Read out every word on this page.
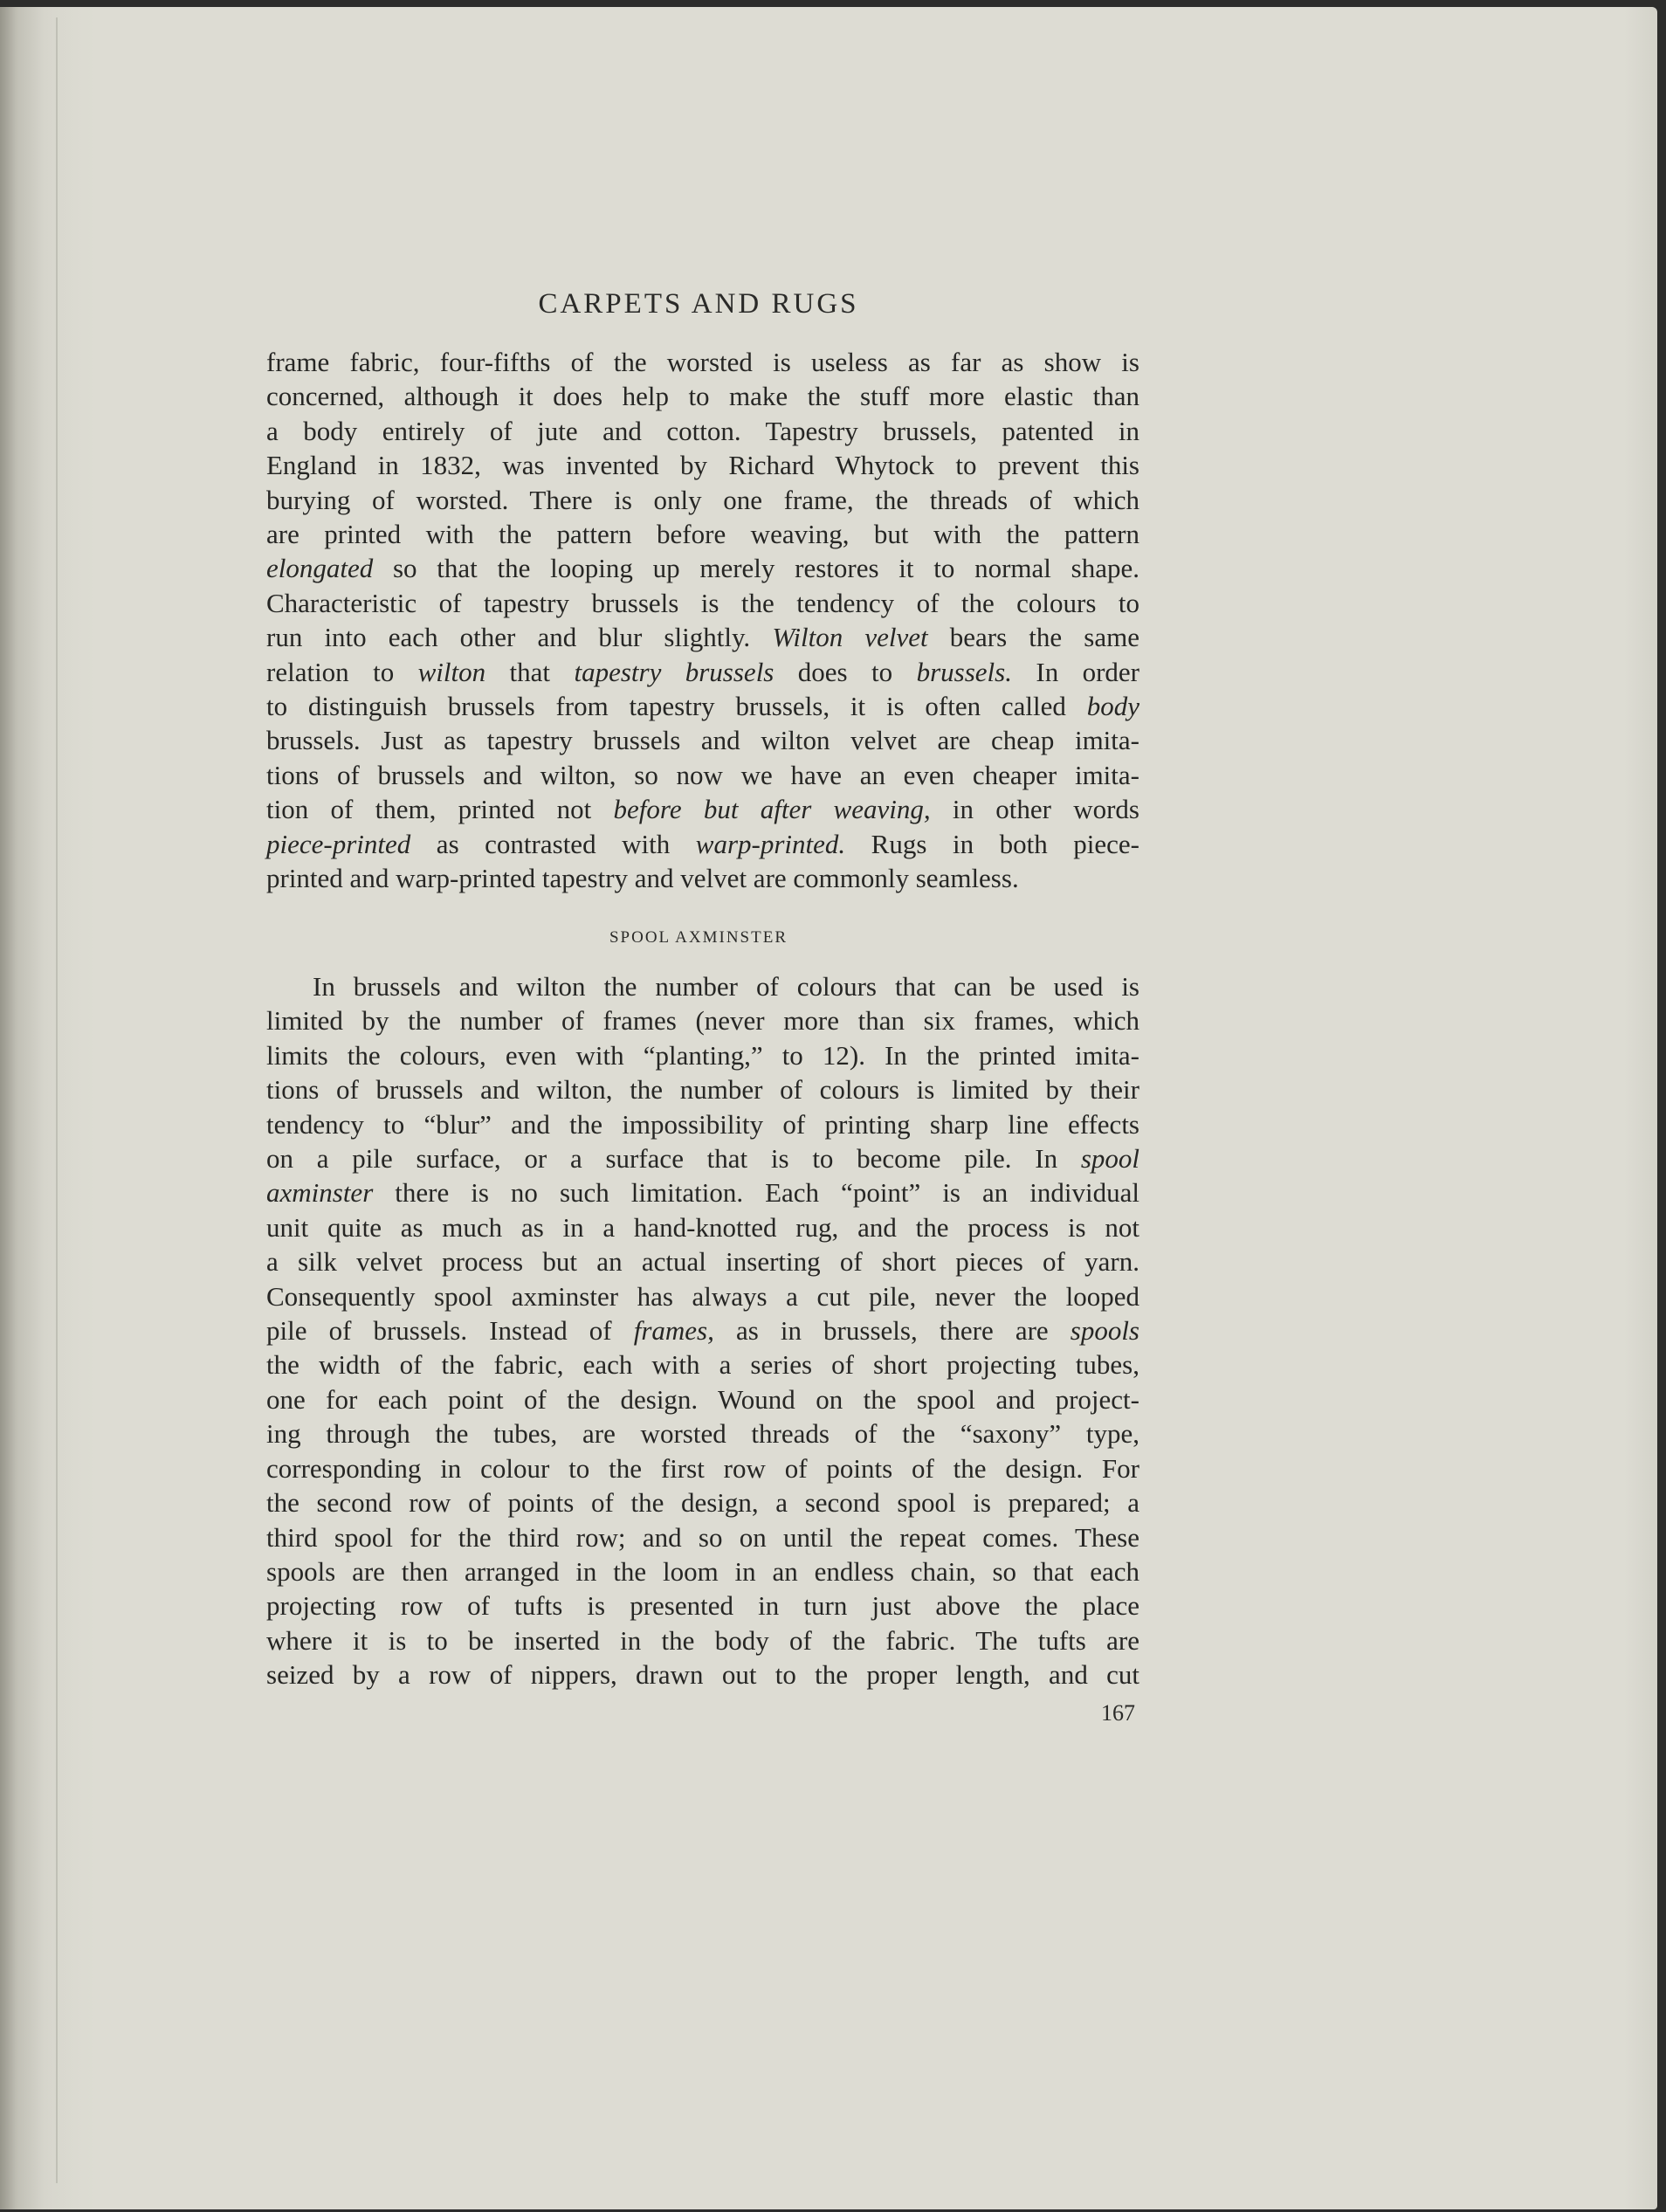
CARPETS AND RUGS
frame fabric, four-fifths of the worsted is useless as far as show is
concerned, although it does help to make the stuff more elastic than
a body entirely of jute and cotton. Tapestry brussels, patented in
England in 1832, was invented by Richard Whytock to prevent this
burying of worsted. There is only one frame, the threads of which
are printed with the pattern before weaving, but with the pattern
elongated so that the looping up merely restores it to normal shape.
Characteristic of tapestry brussels is the tendency of the colours to
run into each other and blur slightly. Wilton velvet bears the same
relation to wilton that tapestry brussels does to brussels. In order
to distinguish brussels from tapestry brussels, it is often called body
brussels. Just as tapestry brussels and wilton velvet are cheap imita-
tions of brussels and wilton, so now we have an even cheaper imita-
tion of them, printed not before but after weaving, in other words
piece-printed as contrasted with warp-printed. Rugs in both piece-
printed and warp-printed tapestry and velvet are commonly seamless.
SPOOL AXMINSTER
In brussels and wilton the number of colours that can be used is
limited by the number of frames (never more than six frames, which
limits the colours, even with “planting,” to 12). In the printed imita-
tions of brussels and wilton, the number of colours is limited by their
tendency to “blur” and the impossibility of printing sharp line effects
on a pile surface, or a surface that is to become pile. In spool
axminster there is no such limitation. Each “point” is an individual
unit quite as much as in a hand-knotted rug, and the process is not
a silk velvet process but an actual inserting of short pieces of yarn.
Consequently spool axminster has always a cut pile, never the looped
pile of brussels. Instead of frames, as in brussels, there are spools
the width of the fabric, each with a series of short projecting tubes,
one for each point of the design. Wound on the spool and project-
ing through the tubes, are worsted threads of the “saxony” type,
corresponding in colour to the first row of points of the design. For
the second row of points of the design, a second spool is prepared; a
third spool for the third row; and so on until the repeat comes. These
spools are then arranged in the loom in an endless chain, so that each
projecting row of tufts is presented in turn just above the place
where it is to be inserted in the body of the fabric. The tufts are
seized by a row of nippers, drawn out to the proper length, and cut
167
